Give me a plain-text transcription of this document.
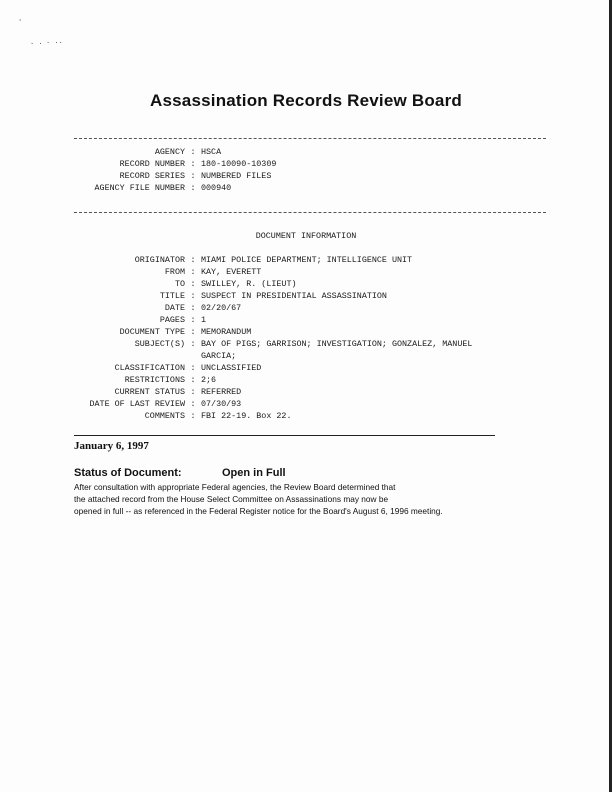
'
. . . ..
Assassination Records Review Board
AGENCY : HSCA
RECORD NUMBER : 180-10090-10309
RECORD SERIES : NUMBERED FILES
AGENCY FILE NUMBER : 000940
DOCUMENT INFORMATION
ORIGINATOR : MIAMI POLICE DEPARTMENT; INTELLIGENCE UNIT
FROM : KAY, EVERETT
TO : SWILLEY, R. (LIEUT)
TITLE : SUSPECT IN PRESIDENTIAL ASSASSINATION
DATE : 02/20/67
PAGES : 1
DOCUMENT TYPE : MEMORANDUM
SUBJECT(S) : BAY OF PIGS; GARRISON; INVESTIGATION; GONZALEZ, MANUEL
GARCIA;
CLASSIFICATION : UNCLASSIFIED
RESTRICTIONS : 2;6
CURRENT STATUS : REFERRED
DATE OF LAST REVIEW : 07/30/93
COMMENTS : FBI 22-19. Box 22.
January 6, 1997
Status of Document:	Open in Full
After consultation with appropriate Federal agencies, the Review Board determined that
the attached record from the House Select Committee on Assassinations may now be
opened in full -- as referenced in the Federal Register notice for the Board's August 6, 1996 meeting.
